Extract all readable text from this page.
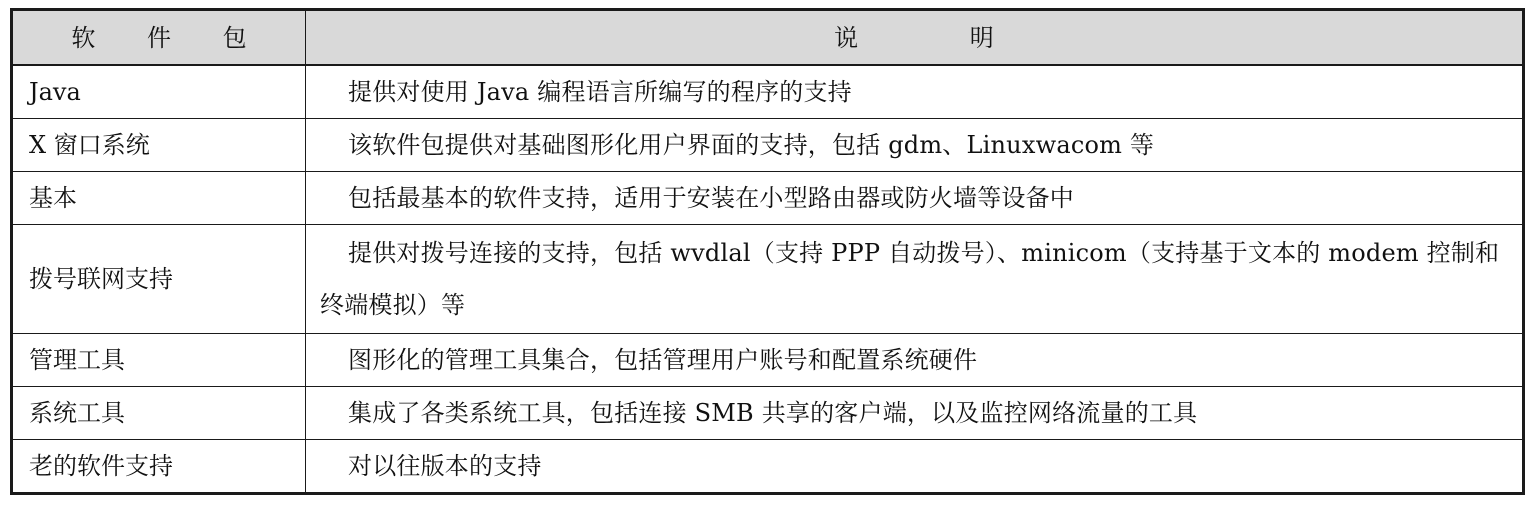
软 件 包	说 明
Java	提供对使用 Java 编程语言所编写的程序的支持
X 窗口系统	该软件包提供对基础图形化用户界面的支持，包括 gdm、Linuxwacom 等
基本	包括最基本的软件支持，适用于安装在小型路由器或防火墙等设备中
拨号联网支持	提供对拨号连接的支持，包括 wvdlal（支持 PPP 自动拨号）、minicom（支持基于文本的 modem 控制和终端模拟）等
管理工具	图形化的管理工具集合，包括管理用户账号和配置系统硬件
系统工具	集成了各类系统工具，包括连接 SMB 共享的客户端，以及监控网络流量的工具
老的软件支持	对以往版本的支持
